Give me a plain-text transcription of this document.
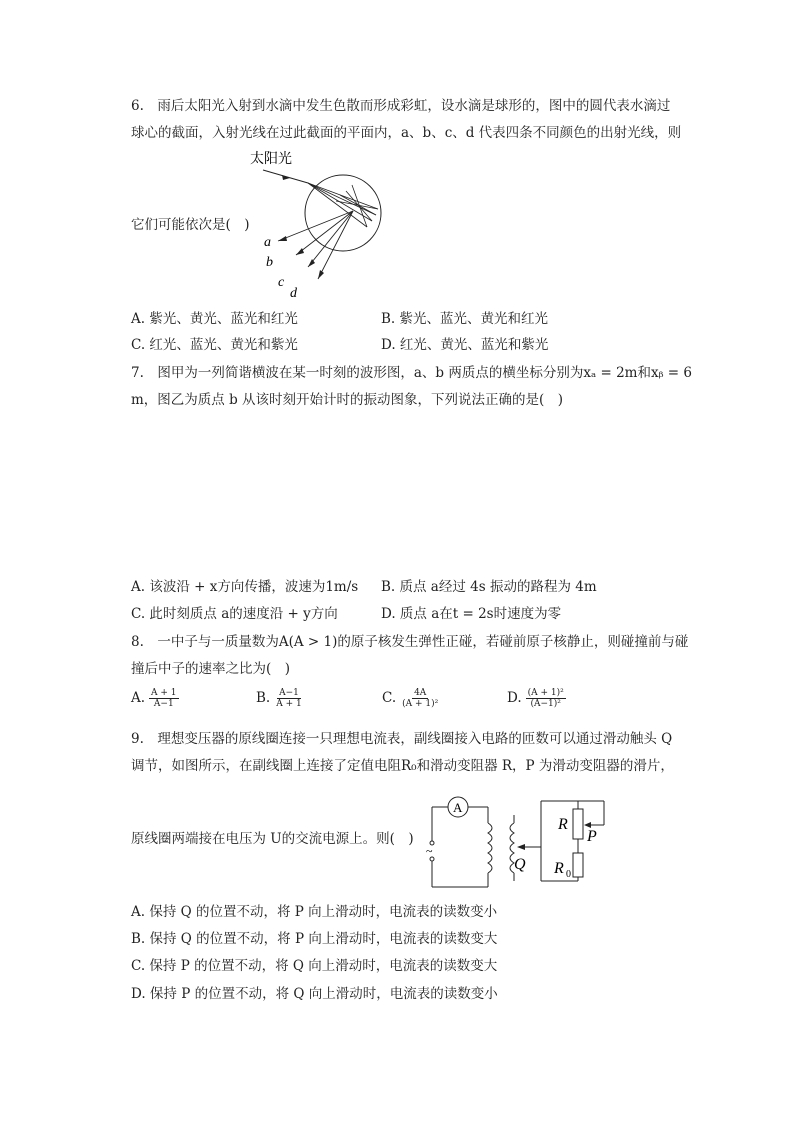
6.　雨后太阳光入射到水滴中发生色散而形成彩虹，设水滴是球形的，图中的圆代表水滴过
球心的截面，入射光线在过此截面的平面内，a、b、c、d 代表四条不同颜色的出射光线，则
它们可能依次是(　)
太阳光
a
b
c
d
A. 紫光、黄光、蓝光和红光	B. 紫光、蓝光、黄光和红光
C. 红光、蓝光、黄光和紫光	D. 红光、黄光、蓝光和紫光
7.　图甲为一列简谐横波在某一时刻的波形图，a、b 两质点的横坐标分别为xₐ = 2m和xᵦ = 6
m，图乙为质点 b 从该时刻开始计时的振动图象，下列说法正确的是(　)
A. 该波沿 + x方向传播，波速为1m/s B. 质点 a经过 4s 振动的路程为 4m
C. 此时刻质点 a的速度沿 + y方向	D. 质点 a在t = 2s时速度为零
8.　一中子与一质量数为A(A > 1)的原子核发生弹性正碰，若碰前原子核静止，则碰撞前与碰
撞后中子的速率之比为(　)
A. $\frac{A + 1}{A-1}$	B. $\frac{A-1}{A + 1}$	C. $\frac{4A}{\text{(A + 1)²}}$	D. $\frac{\text{(A + 1)²}}{\text{(A−1)²}}$
9.　理想变压器的原线圈连接一只理想电流表，副线圈接入电路的匝数可以通过滑动触头 Q
调节，如图所示，在副线圈上连接了定值电阻R₀和滑动变阻器 R，P 为滑动变阻器的滑片，
原线圈两端接在电压为 U的交流电源上。则(　)
A
~
Q
R
P
R 0
A. 保持 Q 的位置不动，将 P 向上滑动时，电流表的读数变小
B. 保持 Q 的位置不动，将 P 向上滑动时，电流表的读数变大
C. 保持 P 的位置不动，将 Q 向上滑动时，电流表的读数变大
D. 保持 P 的位置不动，将 Q 向上滑动时，电流表的读数变小
